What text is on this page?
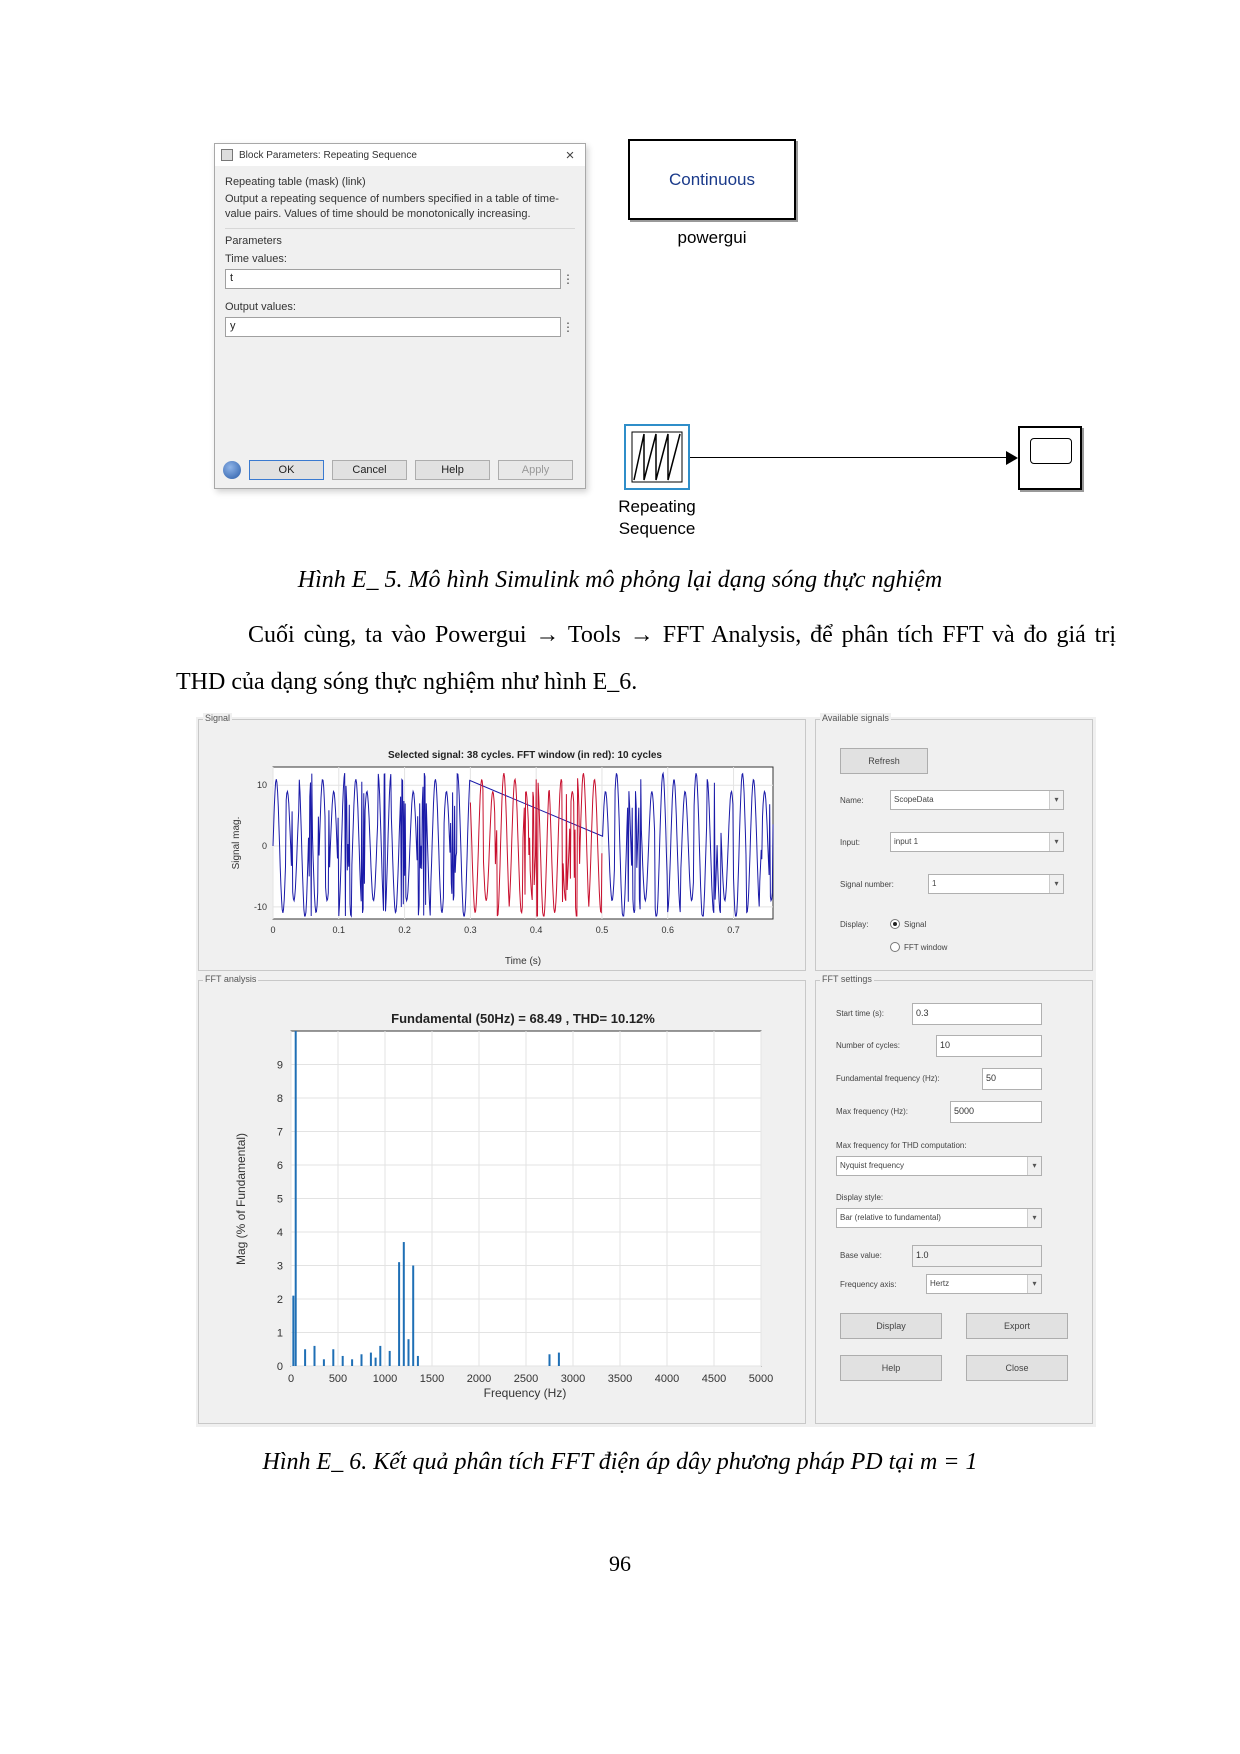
Block Parameters: Repeating Sequence	×
Repeating table (mask) (link)
Output a repeating sequence of numbers specified in a table of time-value pairs. Values of time should be monotonically increasing.
Parameters
Time values:
t	⋮
Output values:
y	⋮
OK	Cancel	Help	Apply
Continuous
powergui
Repeating
Sequence
Hình E_ 5. Mô hình Simulink mô phỏng lại dạng sóng thực nghiệm
Cuối cùng, ta vào Powergui → Tools → FFT Analysis, để phân tích FFT và đo giá trị THD của dạng sóng thực nghiệm như hình E_6.
Signal
Selected signal: 38 cycles. FFT window (in red): 10 cycles
0	0.1	0.2	0.3	0.4	0.5	0.6	0.7
10
0
-10
Time (s)
Signal mag.
Available signals
Refresh
Name:	ScopeData	▾
Input:	input 1	▾
Signal number:	1	▾
Display:	Signal
FFT window
FFT analysis
Fundamental (50Hz) = 68.49 , THD= 10.12%
0	500 1000 1500 2000 2500 3000 3500 4000 4500 5000
0
1
2
3
4
5
6
7
8
9
Frequency (Hz)
Mag (% of Fundamental)
FFT settings
Start time (s):	0.3
Number of cycles:	10
Fundamental frequency (Hz):	50
Max frequency (Hz):	5000
Max frequency for THD computation:
Nyquist frequency	▾
Display style:
Bar (relative to fundamental)	▾
Base value:	1.0
Frequency axis:	Hertz	▾
Display	Export
Help	Close
Hình E_ 6. Kết quả phân tích FFT điện áp dây phương pháp PD tại m = 1
96
